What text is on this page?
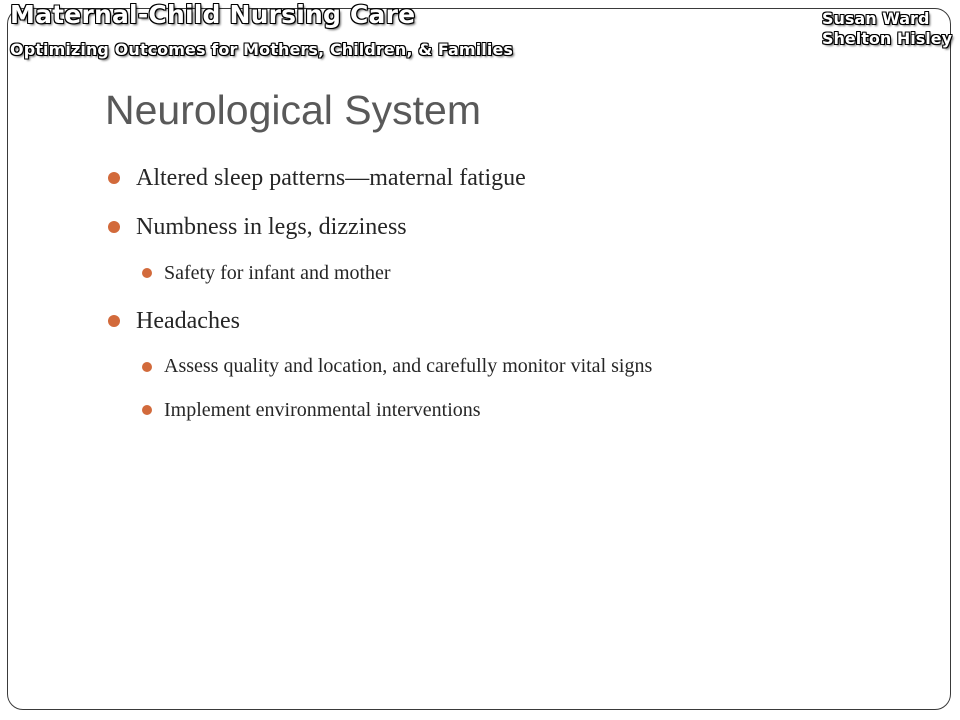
Maternal-Child Nursing Care
Optimizing Outcomes for Mothers, Children, & Families
Susan Ward
Shelton Hisley
Neurological System
Altered sleep patterns—maternal fatigue
Numbness in legs, dizziness
Safety for infant and mother
Headaches
Assess quality and location, and carefully monitor vital signs
Implement environmental interventions
